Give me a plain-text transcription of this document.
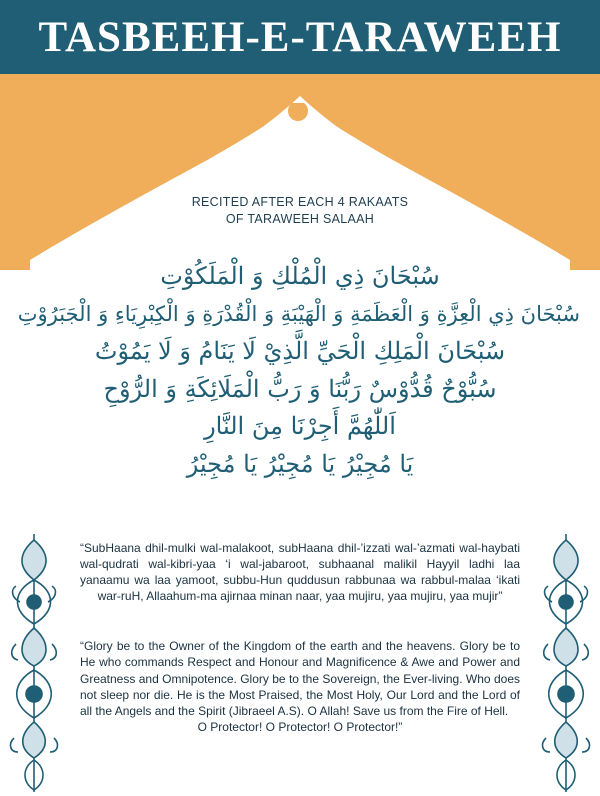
TASBEEH-E-TARAWEEH
RECITED AFTER EACH 4 RAKAATS
OF TARAWEEH SALAAH
سُبْحَانَ ذِي الْمُلْكِ وَ الْمَلَكُوْتِ
سُبْحَانَ ذِي الْعِزَّةِ وَ الْعَظَمَةِ وَ الْهَيْبَةِ وَ الْقُدْرَةِ وَ الْكِبْرِيَاءِ وَ الْجَبَرُوْتِ
سُبْحَانَ الْمَلِكِ الْحَيِّ الَّذِيْ لَا يَنَامُ وَ لَا يَمُوْتُ
سُبُّوْحٌ قُدُّوْسٌ رَبُّنَا وَ رَبُّ الْمَلَائِكَةِ وَ الرُّوْحِ
اَللّٰهُمَّ أَجِرْنَا مِنَ النَّارِ
يَا مُجِيْرُ يَا مُجِيْرُ يَا مُجِيْرُ
“SubHaana dhil-mulki wal-malakoot, subHaana dhil-’izzati wal-’azmati wal-haybati wal-qudrati wal-kibri-yaa ‘i wal-jabaroot, subhaanal malikil Hayyil ladhi laa yanaamu wa laa yamoot, subbu-Hun quddusun rabbunaa wa rabbul-malaa ‘ikati war-ruH, Allaahum-ma ajirnaa minan naar, yaa mujiru, yaa mujiru, yaa mujir”
“Glory be to the Owner of the Kingdom of the earth and the heavens. Glory be to He who commands Respect and Honour and Magnificence & Awe and Power and Greatness and Omnipotence. Glory be to the Sovereign, the Ever-living. Who does not sleep nor die. He is the Most Praised, the Most Holy, Our Lord and the Lord of all the Angels and the Spirit (Jibraeel A.S). O Allah! Save us from the Fire of Hell.
O Protector! O Protector! O Protector!”
